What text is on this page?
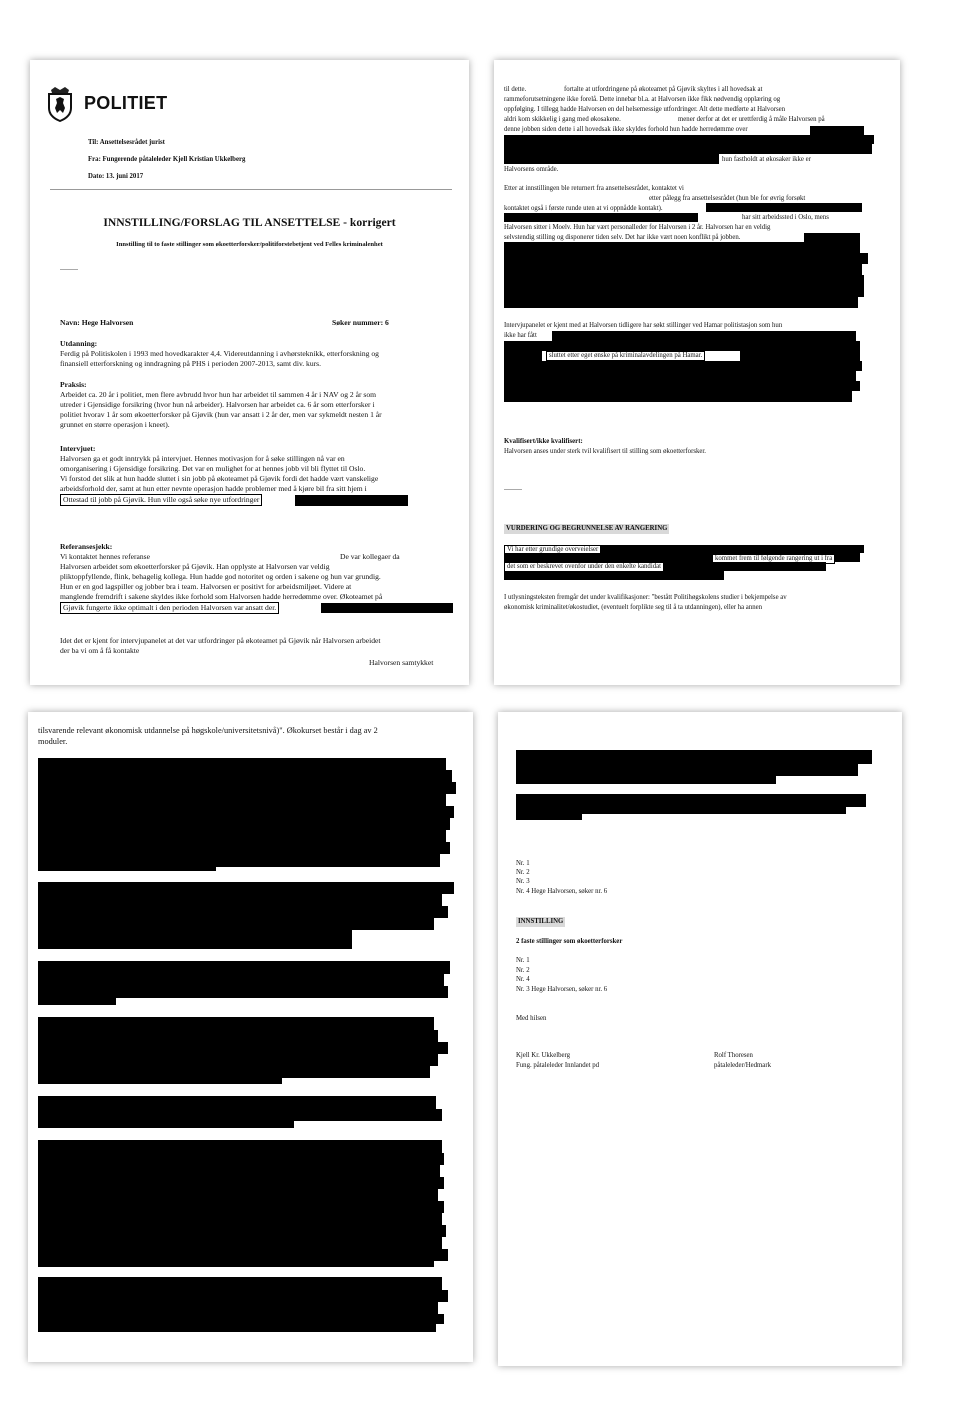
POLITIET
Til: Ansettelsesrådet jurist
Fra: Fungerende påtaleleder Kjell Kristian Ukkelberg
Dato: 13. juni 2017
INNSTILLING/FORSLAG TIL ANSETTELSE - korrigert
Innstilling til to faste stillinger som økoetterforsker/politiforstebetjent ved Felles kriminalenhet
---------
Navn: Hege Halvorsen	Søker nummer: 6
Utdanning:
Ferdig på Politiskolen i 1993 med hovedkarakter 4,4. Videreutdanning i avhørsteknikk, etterforskning og
finansiell etterforskning og inndragning på PHS i perioden 2007-2013, samt div. kurs.
Praksis:
Arbeidet ca. 20 år i politiet, men flere avbrudd hvor hun har arbeidet til sammen 4 år i NAV og 2 år som
utreder i Gjensidige forsikring (hvor hun nå arbeider). Halvorsen har arbeidet ca. 6 år som etterforsker i
politiet hvorav 1 år som økoetterforsker på Gjøvik (hun var ansatt i 2 år der, men var sykmeldt nesten 1 år
grunnet en større operasjon i kneet).
Intervjuet:
Halvorsen ga et godt inntrykk på intervjuet. Hennes motivasjon for å søke stillingen nå var en
omorganisering i Gjensidige forsikring. Det var en mulighet for at hennes jobb vil bli flyttet til Oslo.
Vi forstod det slik at hun hadde sluttet i sin jobb på økoteamet på Gjøvik fordi det hadde vært vanskelige
arbeidsforhold der, samt at hun etter nevnte operasjon hadde problemer med å kjøre bil fra sitt hjem i
Ottestad til jobb på Gjøvik. Hun ville også søke nye utfordringer
Referansesjekk:
Vi kontaktet hennes referanse	De var kollegaer da
Halvorsen arbeidet som økoetterforsker på Gjøvik. Han opplyste at Halvorsen var veldig
pliktoppfyllende, flink, behagelig kollega. Hun hadde god notoritet og orden i sakene og hun var grundig.
Hun er en god lagspiller og jobber bra i team. Halvorsen er positivt for arbeidsmiljøet. Videre at
manglende fremdrift i sakene skyldes ikke forhold som Halvorsen hadde herredømme over. Økoteamet på
Gjøvik fungerte ikke optimalt i den perioden Halvorsen var ansatt der.
Idet det er kjent for intervjupanelet at det var utfordringer på økoteamet på Gjøvik når Halvorsen arbeidet
der ba vi om å få kontakte
Halvorsen samtykket
til dette.	fortalte at utfordringene på økoteamet på Gjøvik skyltes i all hovedsak at
rammeforutsetningene ikke forelå. Dette innebar bl.a. at Halvorsen ikke fikk nødvendig opplæring og
oppfølging. I tillegg hadde Halvorsen en del helsemessige utfordringer. Alt dette medførte at Halvorsen
aldri kom skikkelig i gang med økosakene.	mener derfor at det er urettferdig å måle Halvorsen på
denne jobben siden dette i all hovedsak ikke skyldes forhold hun hadde herredømme over
hun fastholdt at økosaker ikke er
Halvorsens område.
Etter at innstillingen ble returnert fra ansettelsesrådet, kontaktet vi
etter pålegg fra ansettelsesrådet (hun ble for øvrig forsøkt
kontaktet også i første runde uten at vi oppnådde kontakt).
har sitt arbeidssted i Oslo, mens
Halvorsen sitter i Moelv. Hun har vært personalleder for Halvorsen i 2 år. Halvorsen har en veldig
selvstendig stilling og disponerer tiden selv. Det har ikke vært noen konflikt på jobben.
Intervjupanelet er kjent med at Halvorsen tidligere har søkt stillinger ved Hamar politistasjon som hun
ikke har fått
sluttet etter eget ønske på kriminalavdelingen på Hamar.
Kvalifisert/ikke kvalifisert:
Halvorsen anses under sterk tvil kvalifisert til stilling som økoetterforsker.
---------
VURDERING OG BEGRUNNELSE AV RANGERING
Vi har etter grundige overveielser
kommet frem til følgende rangering ut i fra
det som er beskrevet ovenfor under den enkelte kandidat
I utlysningsteksten fremgår det under kvalifikasjoner: "bestått Politihøgskolens studier i bekjempelse av
økonomisk kriminalitet/økostudiet, (eventuelt forplikte seg til å ta utdanningen), eller ha annen
tilsvarende relevant økonomisk utdannelse på høgskole/universitetsnivå)". Økokurset består i dag av 2
moduler.
Nr. 1
Nr. 2
Nr. 3
Nr. 4 Hege Halvorsen, søker nr. 6
INNSTILLING
2 faste stillinger som økoetterforsker
Nr. 1
Nr. 2
Nr. 4
Nr. 3 Hege Halvorsen, søker nr. 6
Med hilsen
Kjell Kr. Ukkelberg
Fung. påtaleleder Innlandet pd
Rolf Thoresen
påtaleleder/Hedmark
